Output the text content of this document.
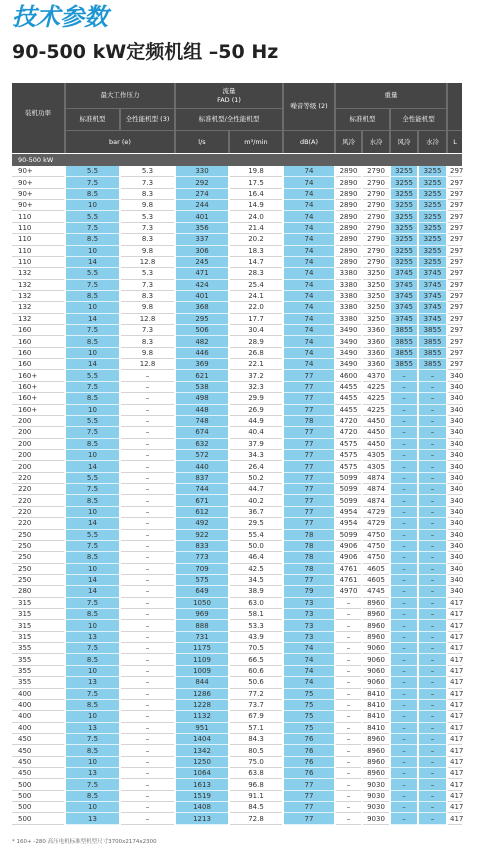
技术参数
90-500 kW定频机组 –50 Hz
装机功率
最大工作压力
标准机型	全性能机型 (3)
bar (e)
流量
FAD (1)
标准机型/全性能机型
l/s	m³/min
噪音等级 (2)
dB(A)
重量
标准机型	全性能机型
风冷	水冷	风冷	水冷	L
90-500 kW
90+	5.5	5.3	330	19.8	74	2890	2790	3255	3255	297
90+	7.5	7.3	292	17.5	74	2890	2790	3255	3255	297
90+	8.5	8.3	274	16.4	74	2890	2790	3255	3255	297
90+	10	9.8	244	14.9	74	2890	2790	3255	3255	297
110	5.5	5.3	401	24.0	74	2890	2790	3255	3255	297
110	7.5	7.3	356	21.4	74	2890	2790	3255	3255	297
110	8.5	8.3	337	20.2	74	2890	2790	3255	3255	297
110	10	9.8	306	18.3	74	2890	2790	3255	3255	297
110	14	12.8	245	14.7	74	2890	2790	3255	3255	297
132	5.5	5.3	471	28.3	74	3380	3250	3745	3745	297
132	7.5	7.3	424	25.4	74	3380	3250	3745	3745	297
132	8.5	8.3	401	24.1	74	3380	3250	3745	3745	297
132	10	9.8	368	22.0	74	3380	3250	3745	3745	297
132	14	12.8	295	17.7	74	3380	3250	3745	3745	297
160	7.5	7.3	506	30.4	74	3490	3360	3855	3855	297
160	8.5	8.3	482	28.9	74	3490	3360	3855	3855	297
160	10	9.8	446	26.8	74	3490	3360	3855	3855	297
160	14	12.8	369	22.1	74	3490	3360	3855	3855	297
160+	5.5	–	621	37.2	77	4600	4370	–	–	340
160+	7.5	–	538	32.3	77	4455	4225	–	–	340
160+	8.5	–	498	29.9	77	4455	4225	–	–	340
160+	10	–	448	26.9	77	4455	4225	–	–	340
200	5.5	–	748	44.9	78	4720	4450	–	–	340
200	7.5	–	674	40.4	77	4720	4450	–	–	340
200	8.5	–	632	37.9	77	4575	4450	–	–	340
200	10	–	572	34.3	77	4575	4305	–	–	340
200	14	–	440	26.4	77	4575	4305	–	–	340
220	5.5	–	837	50.2	77	5099	4874	–	–	340
220	7.5	–	744	44.7	77	5099	4874	–	–	340
220	8.5	–	671	40.2	77	5099	4874	–	–	340
220	10	–	612	36.7	77	4954	4729	–	–	340
220	14	–	492	29.5	77	4954	4729	–	–	340
250	5.5	–	922	55.4	78	5099	4750	–	–	340
250	7.5	–	833	50.0	78	4906	4750	–	–	340
250	8.5	–	773	46.4	78	4906	4750	–	–	340
250	10	–	709	42.5	78	4761	4605	–	–	340
250	14	–	575	34.5	77	4761	4605	–	–	340
280	14	–	649	38.9	79	4970	4745	–	–	340
315	7.5	–	1050	63.0	73	–	8960	–	–	417
315	8.5	–	969	58.1	73	–	8960	–	–	417
315	10	–	888	53.3	73	–	8960	–	–	417
315	13	–	731	43.9	73	–	8960	–	–	417
355	7.5	–	1175	70.5	74	–	9060	–	–	417
355	8.5	–	1109	66.5	74	–	9060	–	–	417
355	10	–	1009	60.6	74	–	9060	–	–	417
355	13	–	844	50.6	74	–	9060	–	–	417
400	7.5	–	1286	77.2	75	–	8410	–	–	417
400	8.5	–	1228	73.7	75	–	8410	–	–	417
400	10	–	1132	67.9	75	–	8410	–	–	417
400	13	–	951	57.1	75	–	8410	–	–	417
450	7.5	–	1404	84.3	76	–	8960	–	–	417
450	8.5	–	1342	80.5	76	–	8960	–	–	417
450	10	–	1250	75.0	76	–	8960	–	–	417
450	13	–	1064	63.8	76	–	8960	–	–	417
500	7.5	–	1613	96.8	77	–	9030	–	–	417
500	8.5	–	1519	91.1	77	–	9030	–	–	417
500	10	–	1408	84.5	77	–	9030	–	–	417
500	13	–	1213	72.8	77	–	9030	–	–	417
* 160+ -280 高压电机标准型机型尺寸3700x2174x2300
